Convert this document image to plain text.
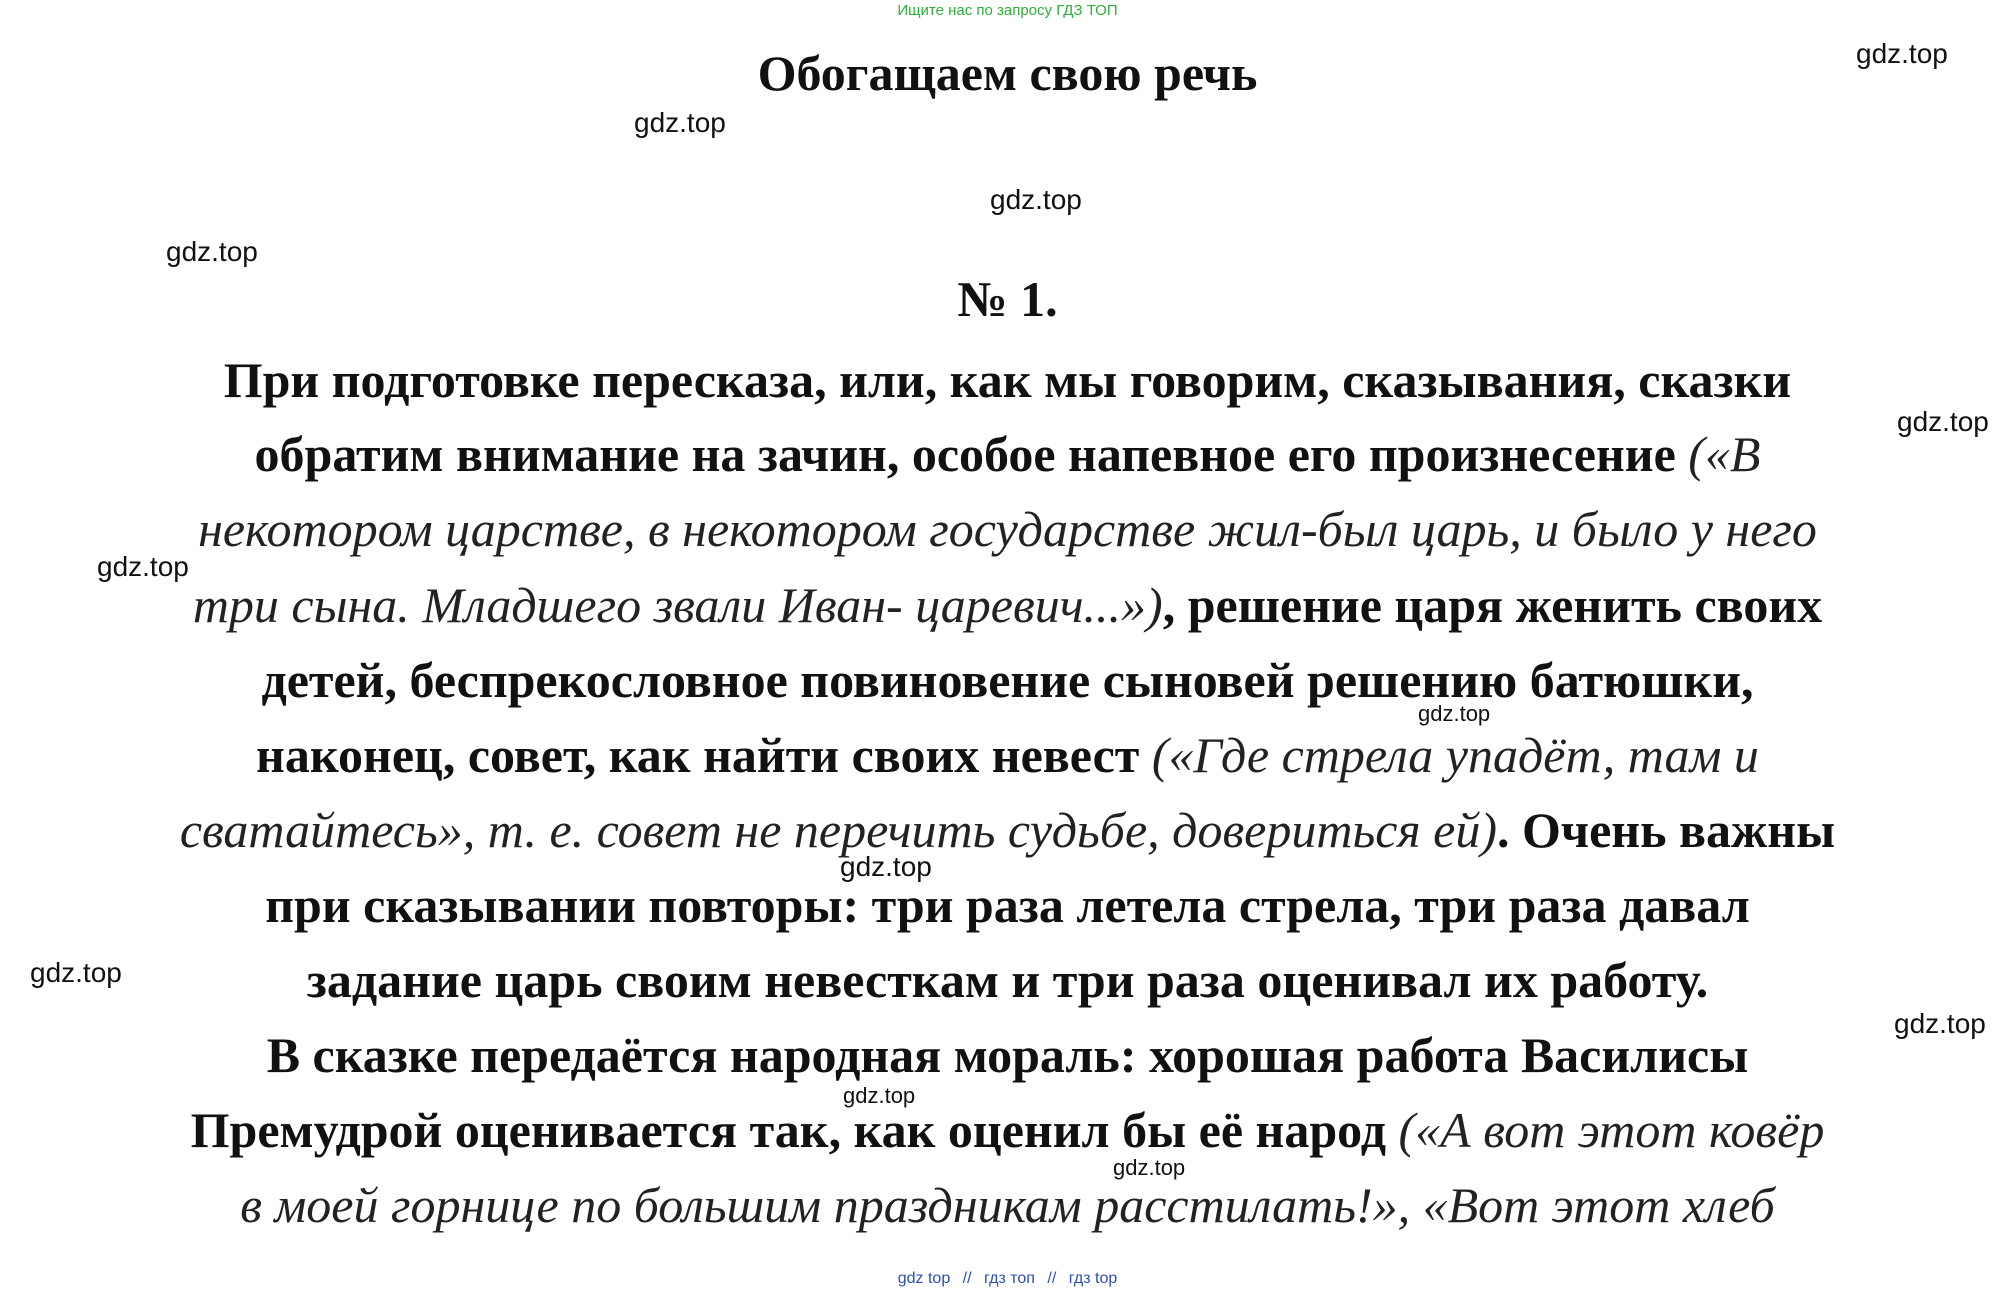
Ищите нас по запросу ГДЗ ТОП
Обогащаем свою речь
№ 1.
При подготовке пересказа, или, как мы говорим, сказывания, сказки
обратим внимание на зачин, особое напевное его произнесение («В
некотором царстве, в некотором государстве жил-был царь, и было у него
три сына. Младшего звали Иван- царевич...»), решение царя женить своих
детей, беспрекословное повиновение сыновей решению батюшки,
наконец, совет, как найти своих невест («Где стрела упадёт, там и
сватайтесь», т. е. совет не перечить судьбе, довериться ей). Очень важны
при сказывании повторы: три раза летела стрела, три раза давал
задание царь своим невесткам и три раза оценивал их работу.
В сказке передаётся народная мораль: хорошая работа Василисы
Премудрой оценивается так, как оценил бы её народ («А вот этот ковёр
в моей горнице по большим праздникам расстилать!», «Вот этот хлеб
gdz.top
gdz.top
gdz.top
gdz.top
gdz.top
gdz.top
gdz.top
gdz.top
gdz.top
gdz.top
gdz.top
gdz.top
gdz top // гдз топ // гдз top
